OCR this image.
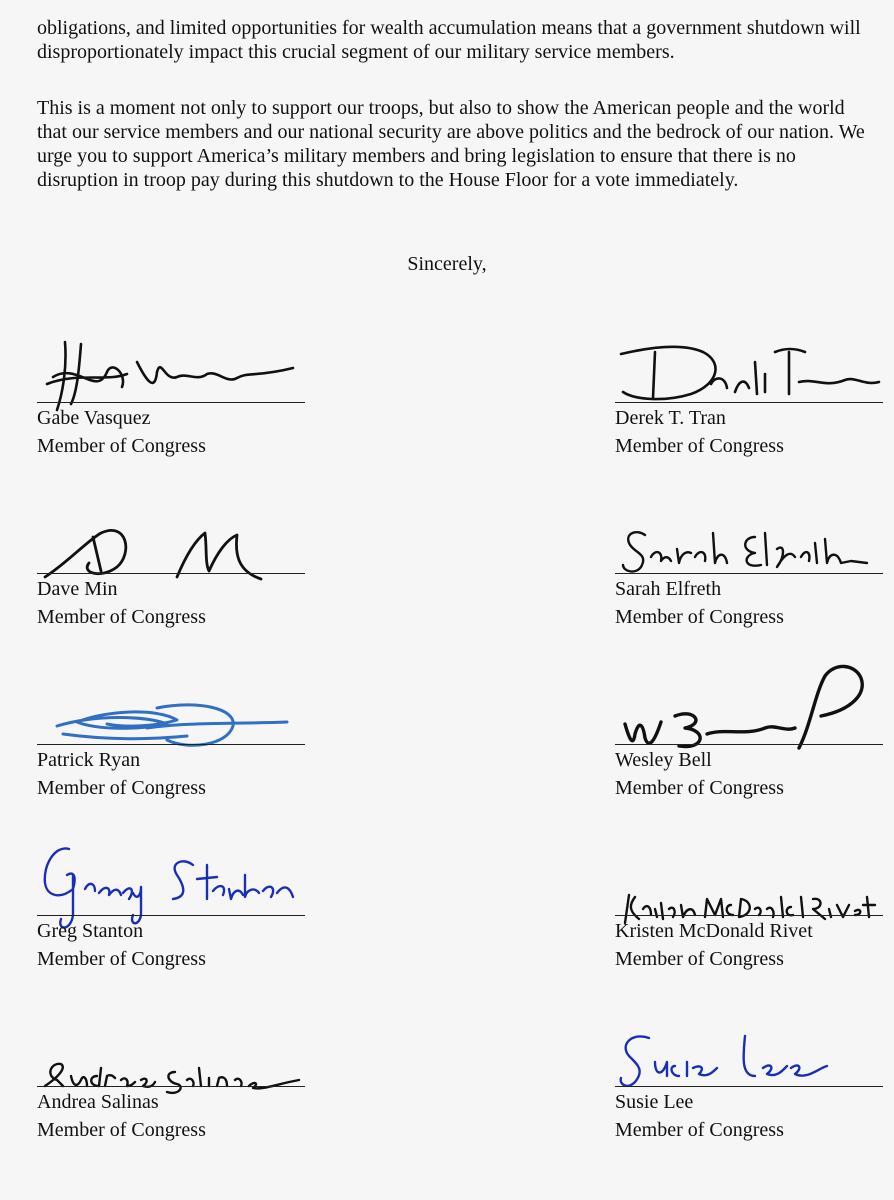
obligations, and limited opportunities for wealth accumulation means that a government shutdown will disproportionately impact this crucial segment of our military service members.

This is a moment not only to support our troops, but also to show the American people and the world that our service members and our national security are above politics and the bedrock of our nation. We urge you to support America’s military members and bring legislation to ensure that there is no disruption in troop pay during this shutdown to the House Floor for a vote immediately.

Sincerely,
Gabe Vasquez
Member of Congress
Derek T. Tran
Member of Congress
Dave Min
Member of Congress
Sarah Elfreth
Member of Congress
Patrick Ryan
Member of Congress
Wesley Bell
Member of Congress
Greg Stanton
Member of Congress
Kristen McDonald Rivet
Member of Congress
Andrea Salinas
Member of Congress
Susie Lee
Member of Congress
